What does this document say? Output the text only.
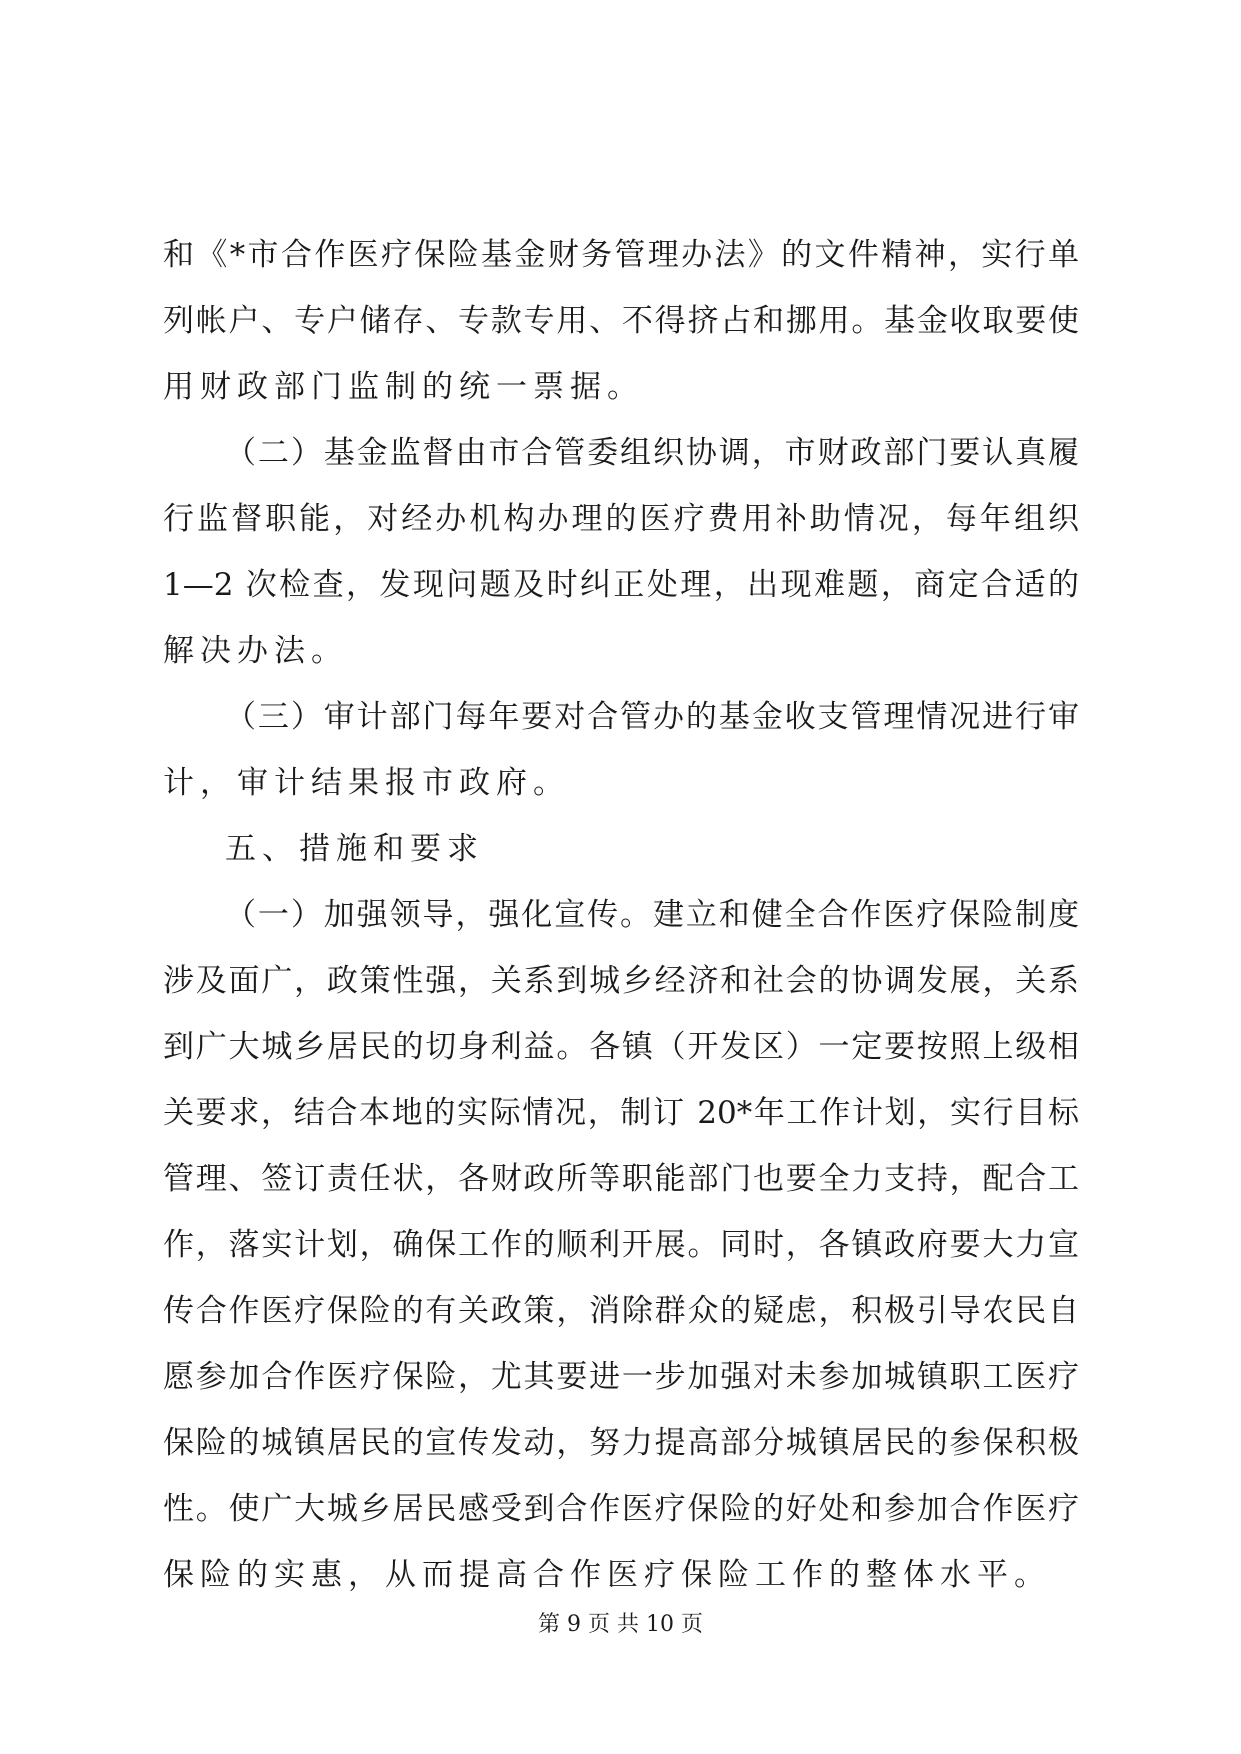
和《*市合作医疗保险基金财务管理办法》的文件精神，实行单
列帐户、专户储存、专款专用、不得挤占和挪用。基金收取要使
用财政部门监制的统一票据。
（二）基金监督由市合管委组织协调，市财政部门要认真履
行监督职能，对经办机构办理的医疗费用补助情况，每年组织
1—2 次检查，发现问题及时纠正处理，出现难题，商定合适的
解决办法。
（三）审计部门每年要对合管办的基金收支管理情况进行审
计，审计结果报市政府。
五、措施和要求
（一）加强领导，强化宣传。建立和健全合作医疗保险制度
涉及面广，政策性强，关系到城乡经济和社会的协调发展，关系
到广大城乡居民的切身利益。各镇（开发区）一定要按照上级相
关要求，结合本地的实际情况，制订 20*年工作计划，实行目标
管理、签订责任状，各财政所等职能部门也要全力支持，配合工
作，落实计划，确保工作的顺利开展。同时，各镇政府要大力宣
传合作医疗保险的有关政策，消除群众的疑虑，积极引导农民自
愿参加合作医疗保险，尤其要进一步加强对未参加城镇职工医疗
保险的城镇居民的宣传发动，努力提高部分城镇居民的参保积极
性。使广大城乡居民感受到合作医疗保险的好处和参加合作医疗
保险的实惠，从而提高合作医疗保险工作的整体水平。
第 9 页 共 10 页
